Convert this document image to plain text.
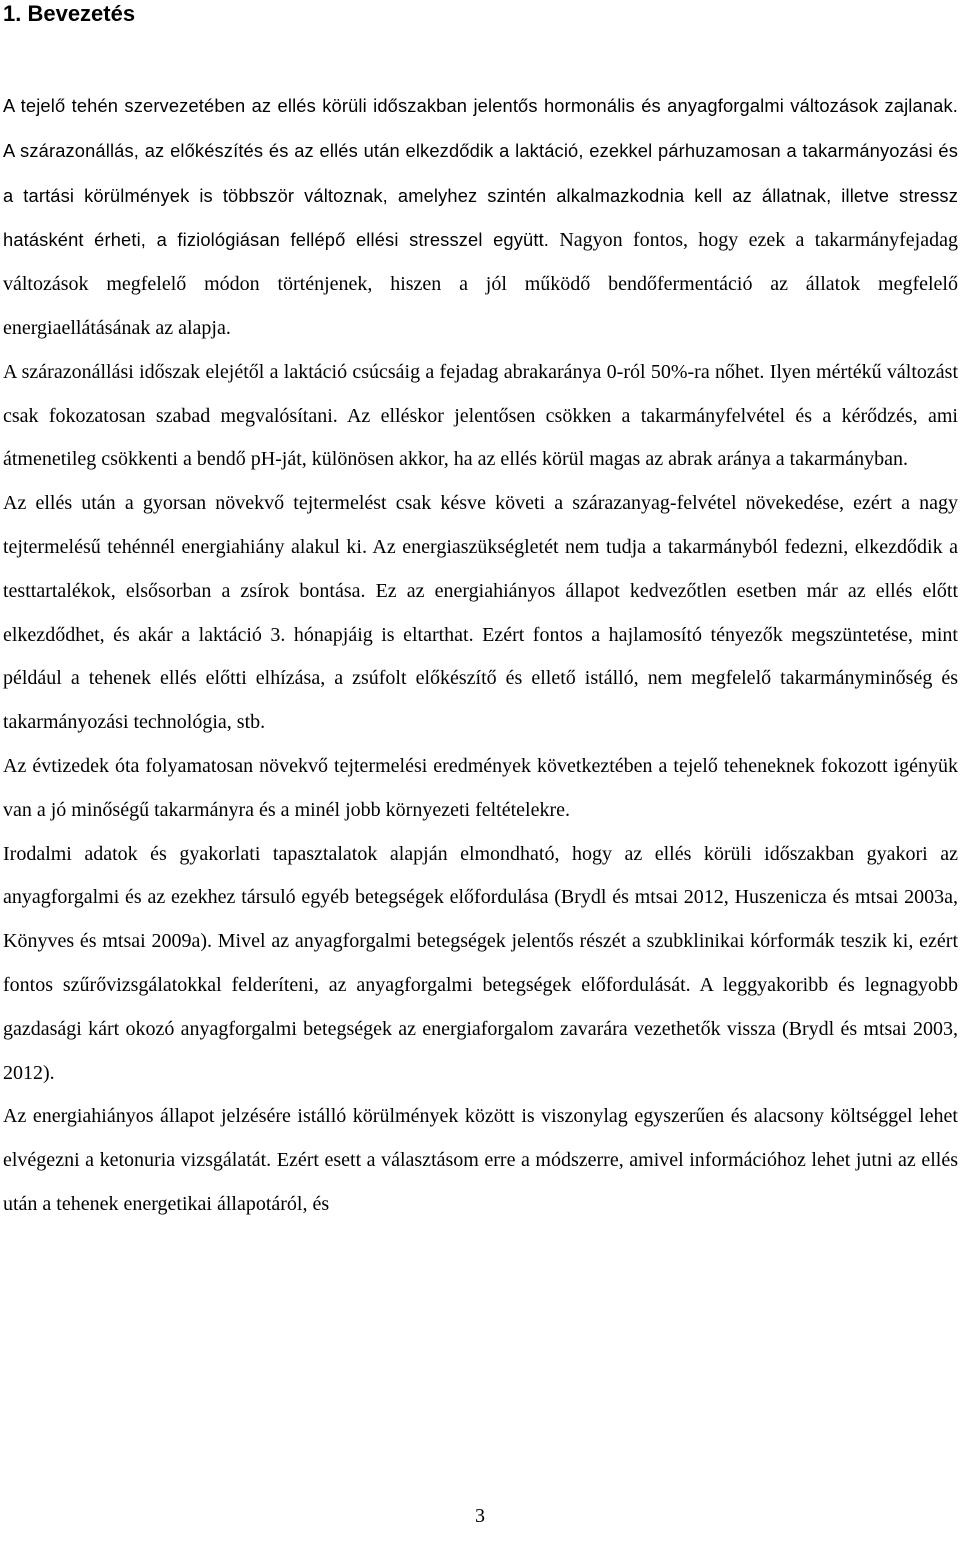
1. Bevezetés

A tejelő tehén szervezetében az ellés körüli időszakban jelentős hormonális és anyagforgalmi változások zajlanak. A szárazonállás, az előkészítés és az ellés után elkezdődik a laktáció, ezekkel párhuzamosan a takarmányozási és a tartási körülmények is többször változnak, amelyhez szintén alkalmazkodnia kell az állatnak, illetve stressz hatásként érheti, a fiziológiásan fellépő ellési stresszel együtt. Nagyon fontos, hogy ezek a takarmányfejadag változások megfelelő módon történjenek, hiszen a jól működő bendőfermentáció az állatok megfelelő energiaellátásának az alapja.

A szárazonállási időszak elejétől a laktáció csúcsáig a fejadag abrakaránya 0-ról 50%-ra nőhet. Ilyen mértékű változást csak fokozatosan szabad megvalósítani. Az elléskor jelentősen csökken a takarmányfelvétel és a kérődzés, ami átmenetileg csökkenti a bendő pH-ját, különösen akkor, ha az ellés körül magas az abrak aránya a takarmányban.

Az ellés után a gyorsan növekvő tejtermelést csak késve követi a szárazanyag-felvétel növekedése, ezért a nagy tejtermelésű tehénnél energiahiány alakul ki. Az energiaszükségletét nem tudja a takarmányból fedezni, elkezdődik a testtartalékok, elsősorban a zsírok bontása. Ez az energiahiányos állapot kedvezőtlen esetben már az ellés előtt elkezdődhet, és akár a laktáció 3. hónapjáig is eltarthat. Ezért fontos a hajlamosító tényezők megszüntetése, mint például a tehenek ellés előtti elhízása, a zsúfolt előkészítő és ellető istálló, nem megfelelő takarmányminőség és takarmányozási technológia, stb.

Az évtizedek óta folyamatosan növekvő tejtermelési eredmények következtében a tejelő teheneknek fokozott igényük van a jó minőségű takarmányra és a minél jobb környezeti feltételekre.

Irodalmi adatok és gyakorlati tapasztalatok alapján elmondható, hogy az ellés körüli időszakban gyakori az anyagforgalmi és az ezekhez társuló egyéb betegségek előfordulása (Brydl és mtsai 2012, Huszenicza és mtsai 2003a, Könyves és mtsai 2009a). Mivel az anyagforgalmi betegségek jelentős részét a szubklinikai kórformák teszik ki, ezért fontos szűrővizsgálatokkal felderíteni, az anyagforgalmi betegségek előfordulását. A leggyakoribb és legnagyobb gazdasági kárt okozó anyagforgalmi betegségek az energiaforgalom zavarára vezethetők vissza (Brydl és mtsai 2003, 2012).

Az energiahiányos állapot jelzésére istálló körülmények között is viszonylag egyszerűen és alacsony költséggel lehet elvégezni a ketonuria vizsgálatát. Ezért esett a választásom erre a módszerre, amivel információhoz lehet jutni az ellés után a tehenek energetikai állapotáról, és

3
